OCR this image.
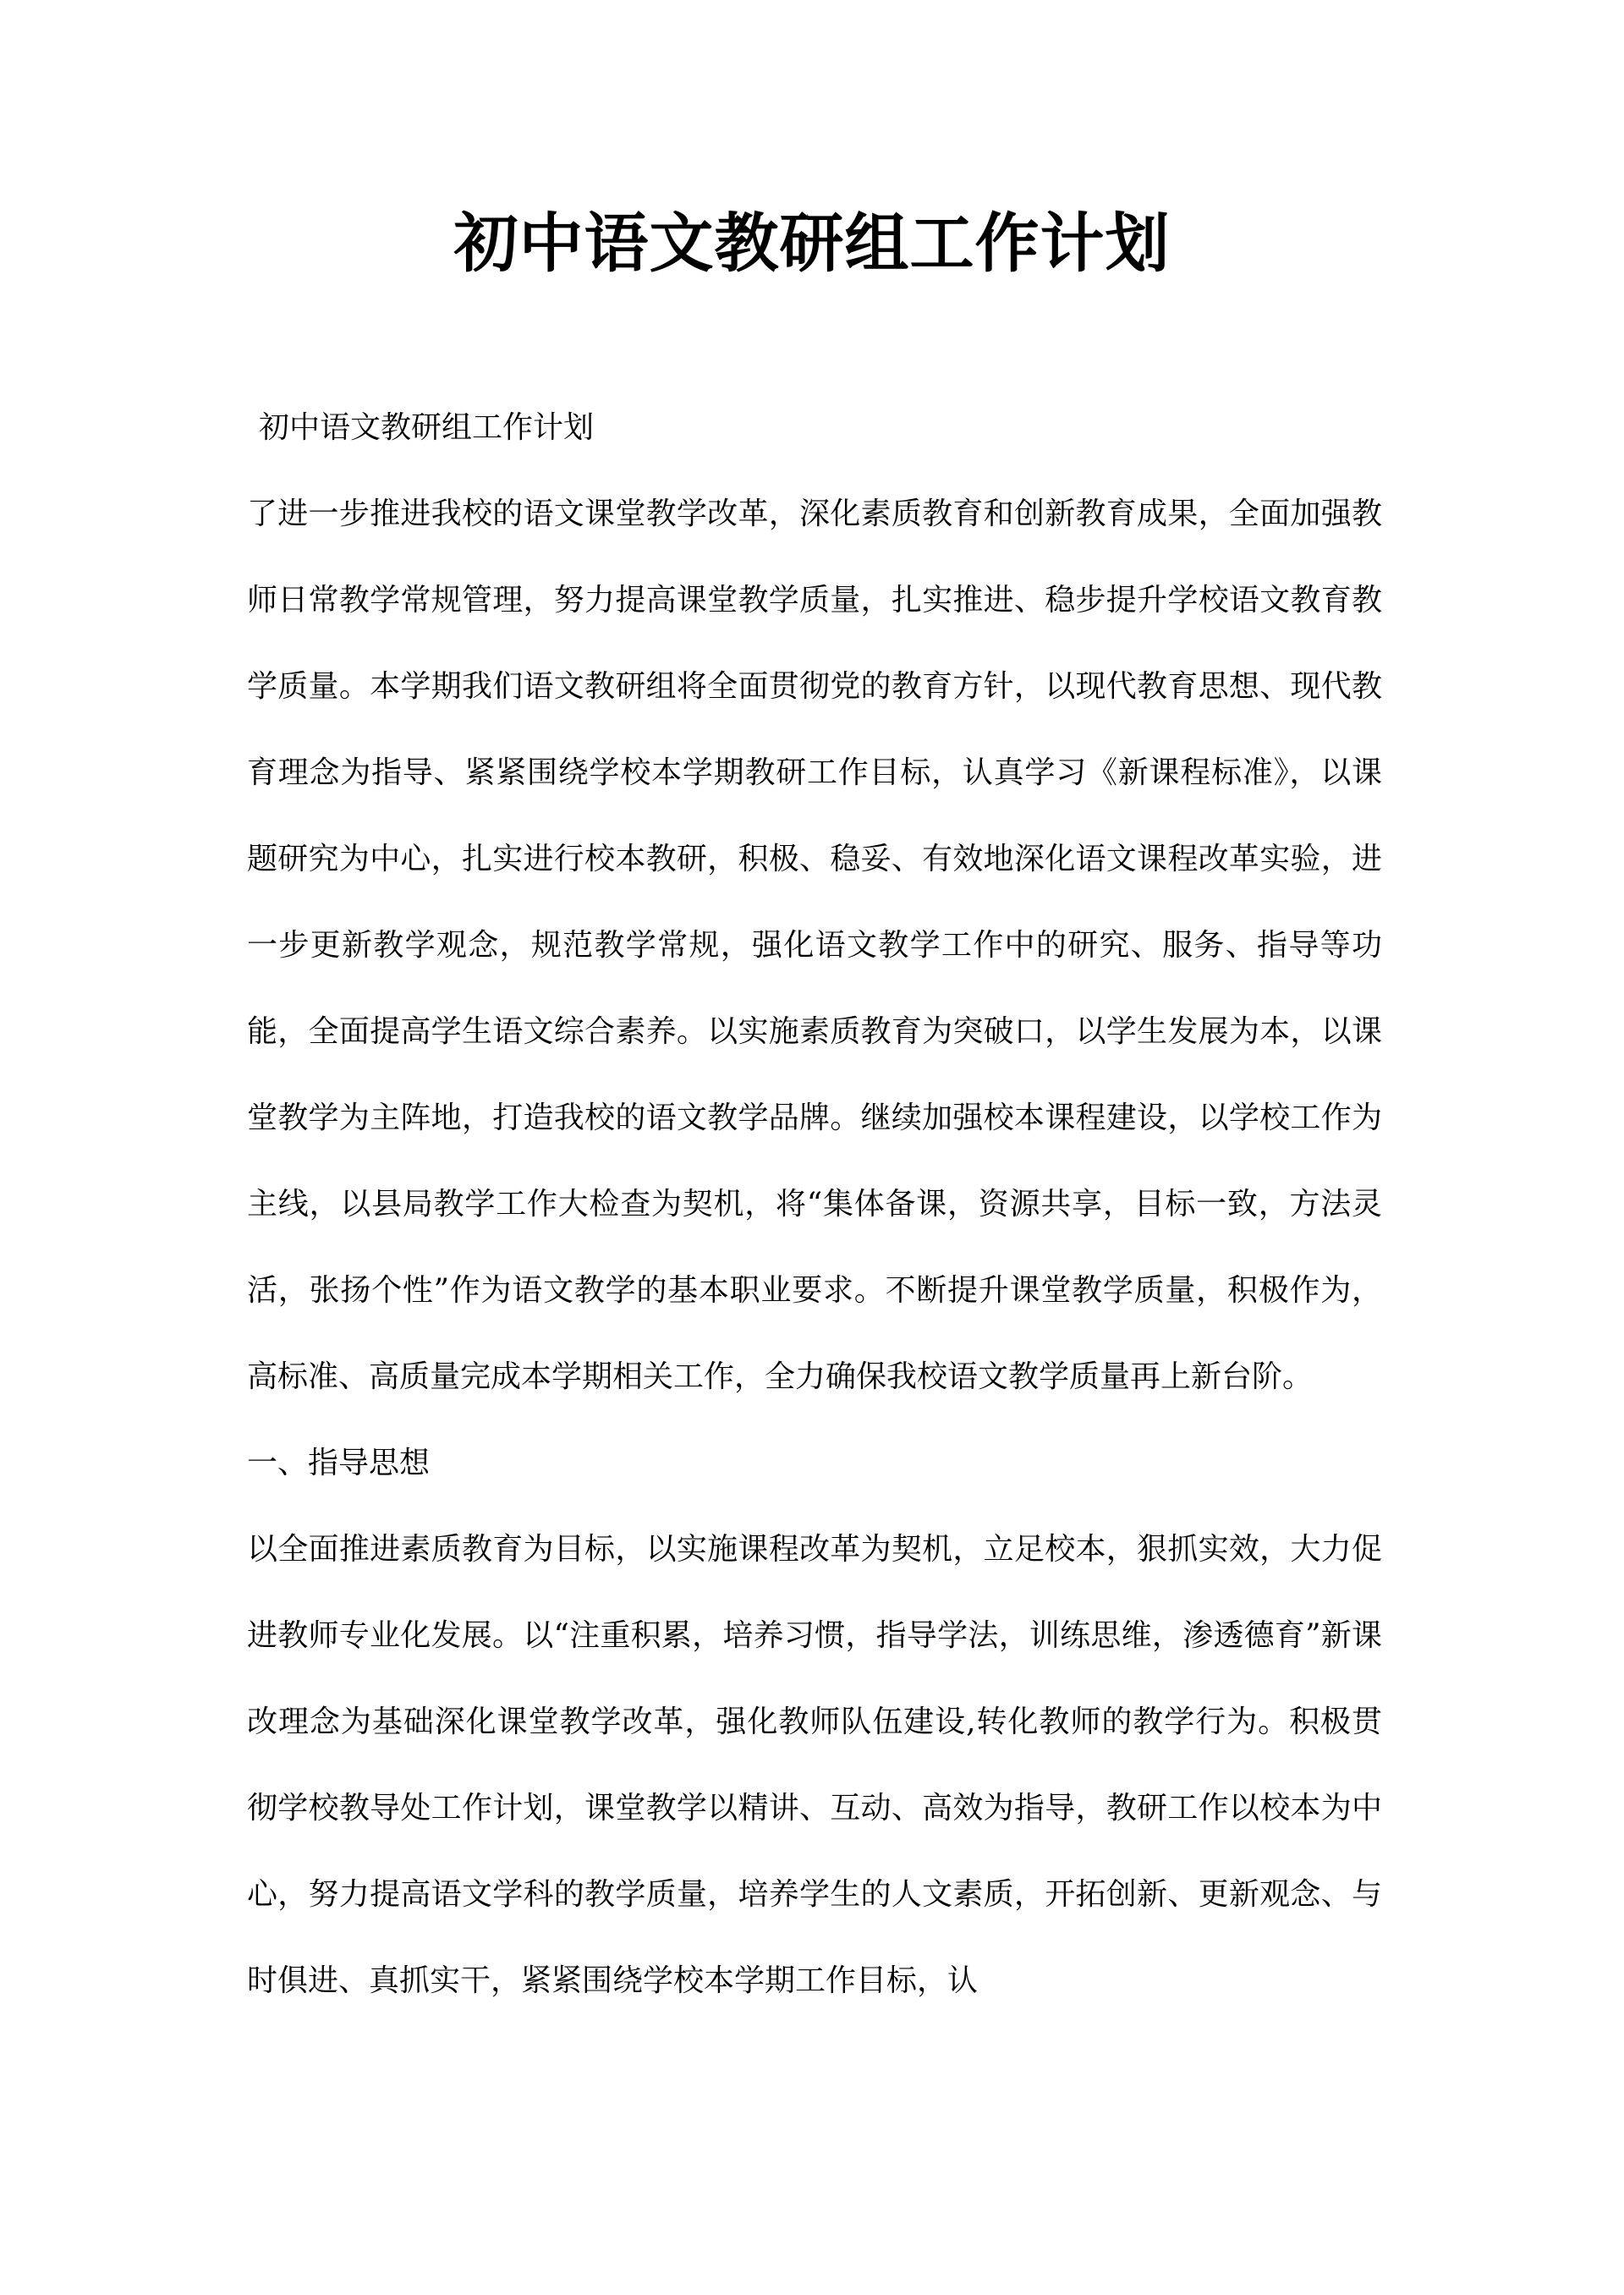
初中语文教研组工作计划

初中语文教研组工作计划

了进一步推进我校的语文课堂教学改革，深化素质教育和创新教育成果，全面加强教师日常教学常规管理，努力提高课堂教学质量，扎实推进、稳步提升学校语文教育教学质量。本学期我们语文教研组将全面贯彻党的教育方针，以现代教育思想、现代教育理念为指导、紧紧围绕学校本学期教研工作目标，认真学习《新课程标准》，以课题研究为中心，扎实进行校本教研，积极、稳妥、有效地深化语文课程改革实验，进一步更新教学观念，规范教学常规，强化语文教学工作中的研究、服务、指导等功能，全面提高学生语文综合素养。以实施素质教育为突破口，以学生发展为本，以课堂教学为主阵地，打造我校的语文教学品牌。继续加强校本课程建设，以学校工作为主线，以县局教学工作大检查为契机，将“集体备课，资源共享，目标一致，方法灵活，张扬个性”作为语文教学的基本职业要求。不断提升课堂教学质量，积极作为，高标准、高质量完成本学期相关工作，全力确保我校语文教学质量再上新台阶。

一、指导思想

以全面推进素质教育为目标，以实施课程改革为契机，立足校本，狠抓实效，大力促进教师专业化发展。以“注重积累，培养习惯，指导学法，训练思维，渗透德育”新课改理念为基础深化课堂教学改革，强化教师队伍建设,转化教师的教学行为。积极贯彻学校教导处工作计划，课堂教学以精讲、互动、高效为指导，教研工作以校本为中心，努力提高语文学科的教学质量，培养学生的人文素质，开拓创新、更新观念、与时俱进、真抓实干，紧紧围绕学校本学期工作目标，认
